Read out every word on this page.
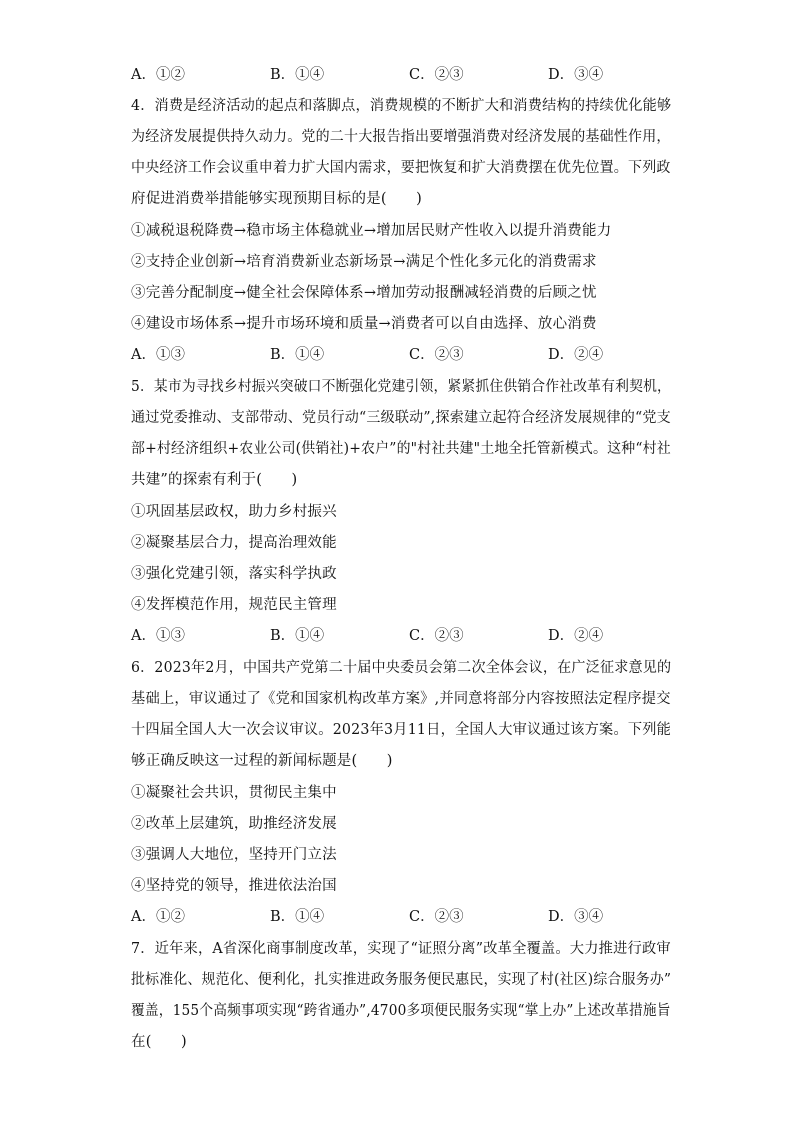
A．①②	B．①④	C．②③	D．③④
4．消费是经济活动的起点和落脚点，消费规模的不断扩大和消费结构的持续优化能够
为经济发展提供持久动力。党的二十大报告指出要增强消费对经济发展的基础性作用，
中央经济工作会议重申着力扩大国内需求，要把恢复和扩大消费摆在优先位置。下列政
府促进消费举措能够实现预期目标的是(　　)
①减税退税降费→稳市场主体稳就业→增加居民财产性收入以提升消费能力
②支持企业创新→培育消费新业态新场景→满足个性化多元化的消费需求
③完善分配制度→健全社会保障体系→增加劳动报酬减轻消费的后顾之忧
④建设市场体系→提升市场环境和质量→消费者可以自由选择、放心消费
A．①③	B．①④	C．②③	D．②④
5．某市为寻找乡村振兴突破口不断强化党建引领，紧紧抓住供销合作社改革有利契机，
通过党委推动、支部带动、党员行动“三级联动”,探索建立起符合经济发展规律的“党支
部+村经济组织+农业公司(供销社)+农户”的"村社共建"土地全托管新模式。这种“村社
共建”的探索有利于(　　)
①巩固基层政权，助力乡村振兴
②凝聚基层合力，提高治理效能
③强化党建引领，落实科学执政
④发挥模范作用，规范民主管理
A．①③	B．①④	C．②③	D．②④
6．2023年2月，中国共产党第二十届中央委员会第二次全体会议，在广泛征求意见的
基础上，审议通过了《党和国家机构改革方案》,并同意将部分内容按照法定程序提交
十四届全国人大一次会议审议。2023年3月11日，全国人大审议通过该方案。下列能
够正确反映这一过程的新闻标题是(　　)
①凝聚社会共识，贯彻民主集中
②改革上层建筑，助推经济发展
③强调人大地位，坚持开门立法
④坚持党的领导，推进依法治国
A．①②	B．①④	C．②③	D．③④
7．近年来，A省深化商事制度改革，实现了“证照分离”改革全覆盖。大力推进行政审
批标准化、规范化、便利化，扎实推进政务服务便民惠民，实现了村(社区)综合服务办”
覆盖，155个高频事项实现“跨省通办”,4700多项便民服务实现“掌上办”上述改革措施旨
在(　　)
